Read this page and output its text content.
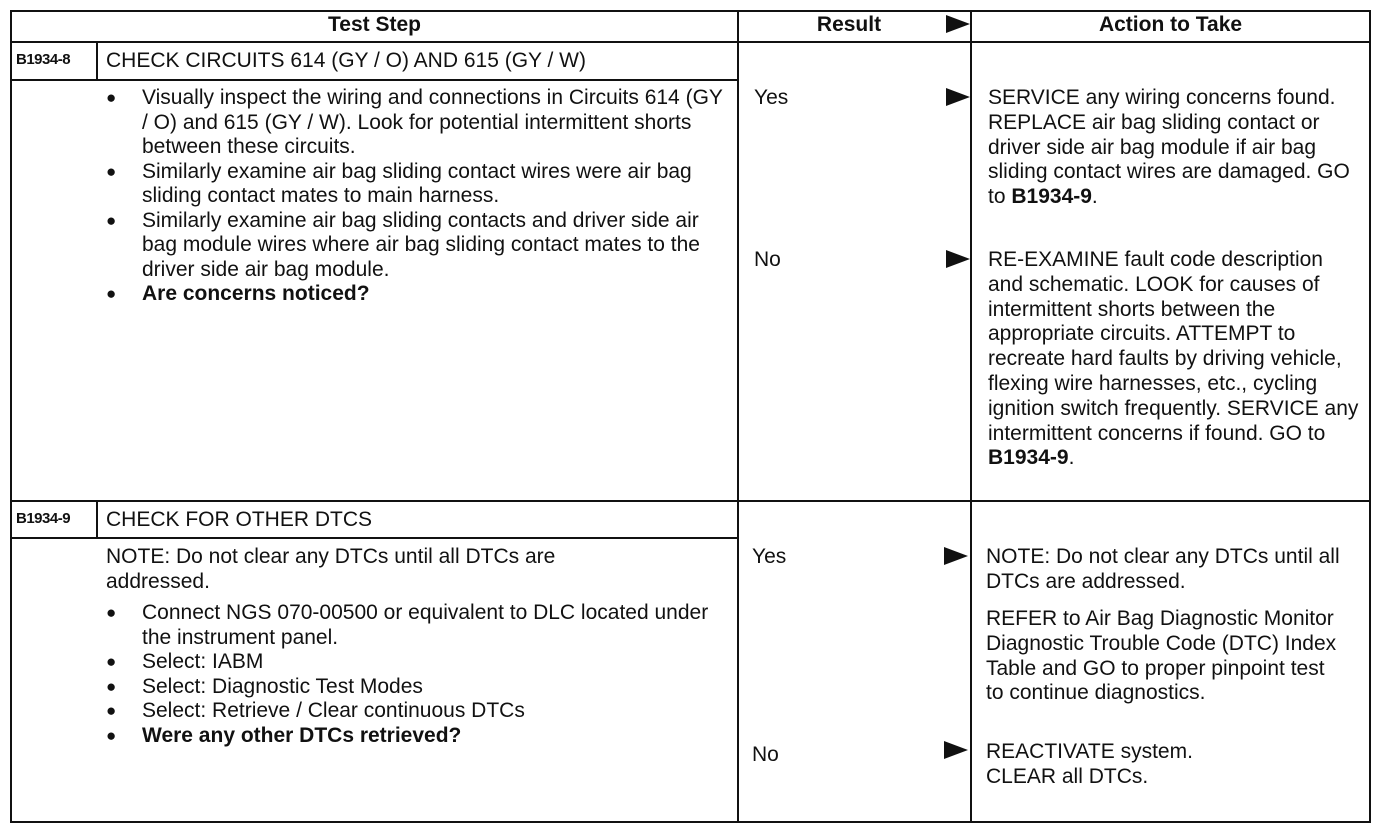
Test Step	Result	Action to Take
B1934-8 CHECK CIRCUITS 614 (GY / O) AND 615 (GY / W)
● Visually inspect the wiring and connections in Circuits 614 (GY / O) and 615 (GY / W). Look for potential intermittent shorts between these circuits.
● Similarly examine air bag sliding contact wires were air bag sliding contact mates to main harness.
● Similarly examine air bag sliding contacts and driver side air bag module wires where air bag sliding contact mates to the driver side air bag module.
● Are concerns noticed?
Yes	SERVICE any wiring concerns found. REPLACE air bag sliding contact or driver side air bag module if air bag sliding contact wires are damaged. GO to B1934-9.
No	RE-EXAMINE fault code description and schematic. LOOK for causes of intermittent shorts between the appropriate circuits. ATTEMPT to recreate hard faults by driving vehicle, flexing wire harnesses, etc., cycling ignition switch frequently. SERVICE any intermittent concerns if found. GO to B1934-9.
B1934-9 CHECK FOR OTHER DTCS
NOTE: Do not clear any DTCs until all DTCs are addressed.
● Connect NGS 070-00500 or equivalent to DLC located under the instrument panel.
● Select: IABM
● Select: Diagnostic Test Modes
● Select: Retrieve / Clear continuous DTCs
● Were any other DTCs retrieved?
Yes	NOTE: Do not clear any DTCs until all DTCs are addressed.
REFER to Air Bag Diagnostic Monitor Diagnostic Trouble Code (DTC) Index Table and GO to proper pinpoint test to continue diagnostics.
No	REACTIVATE system. CLEAR all DTCs.
